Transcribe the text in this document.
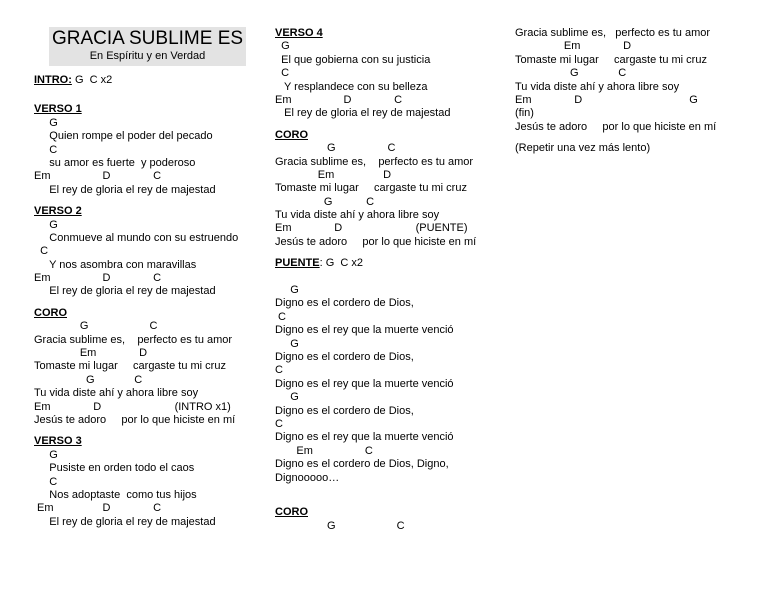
GRACIA SUBLIME ES
En Espíritu y en Verdad
INTRO: G  C x2
VERSO 1
G
Quien rompe el poder del pecado
C
su amor es fuerte  y poderoso
Em                 D              C
El rey de gloria el rey de majestad
VERSO 2
G
Conmueve al mundo con su estruendo
C
Y nos asombra con maravillas
Em                 D              C
El rey de gloria el rey de majestad
CORO
G                    C
Gracia sublime es,    perfecto es tu amor
Em              D
Tomaste mi lugar     cargaste tu mi cruz
G             C
Tu vida diste ahí y ahora libre soy
Em              D                        (INTRO x1)
Jesús te adoro     por lo que hiciste en mí
VERSO 3
G
Pusiste en orden todo el caos
C
Nos adoptaste  como tus hijos
Em                D              C
El rey de gloria el rey de majestad
VERSO 4
G
El que gobierna con su justicia
C
Y resplandece con su belleza
Em                 D              C
El rey de gloria el rey de majestad
CORO
G                 C
Gracia sublime es,    perfecto es tu amor
Em                D
Tomaste mi lugar     cargaste tu mi cruz
G           C
Tu vida diste ahí y ahora libre soy
Em              D                        (PUENTE)
Jesús te adoro     por lo que hiciste en mí
PUENTE: G  C x2
G
Digno es el cordero de Dios,
C
Digno es el rey que la muerte venció
G
Digno es el cordero de Dios,
C
Digno es el rey que la muerte venció
G
Digno es el cordero de Dios,
C
Digno es el rey que la muerte venció
Em                 C
Digno es el cordero de Dios, Digno,
Dignooooo…
CORO
G                    C
Gracia sublime es,   perfecto es tu amor
Em              D
Tomaste mi lugar     cargaste tu mi cruz
G             C
Tu vida diste ahí y ahora libre soy
Em              D                                   G
(fin)
Jesús te adoro     por lo que hiciste en mí
(Repetir una vez más lento)
